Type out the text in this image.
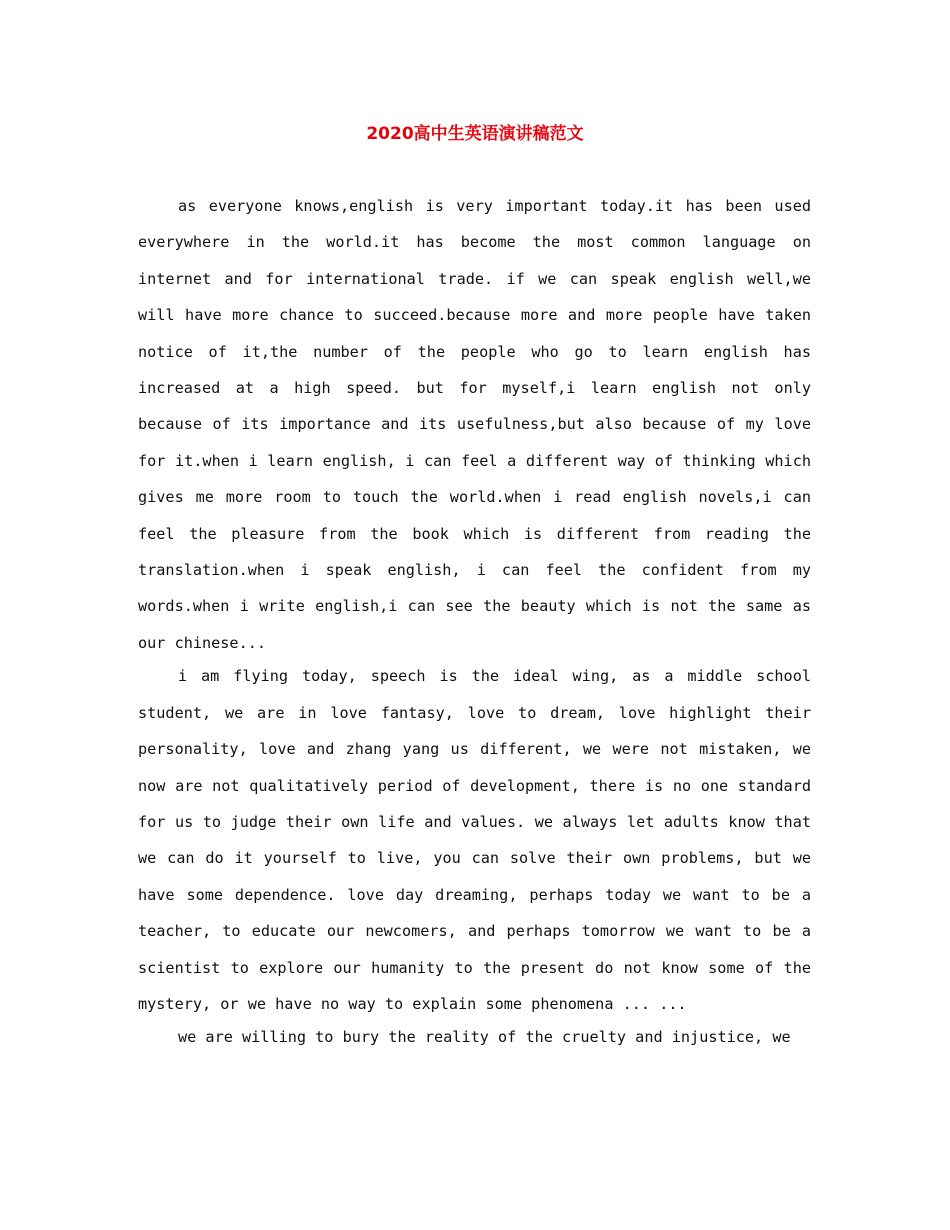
2020高中生英语演讲稿范文

as everyone knows,english is very important today.it has been used everywhere in the world.it has become the most common language on internet and for international trade. if we can speak english well,we will have more chance to succeed.because more and more people have taken notice of it,the number of the people who go to learn english has increased at a high speed. but for myself,i learn english not only because of its importance and its usefulness,but also because of my love for it.when i learn english, i can feel a different way of thinking which gives me more room to touch the world.when i read english novels,i can feel the pleasure from the book which is different from reading the translation.when i speak english, i can feel the confident from my words.when i write english,i can see the beauty which is not the same as our chinese...

i am flying today, speech is the ideal wing, as a middle school student, we are in love fantasy, love to dream, love highlight their personality, love and zhang yang us different, we were not mistaken, we now are not qualitatively period of development, there is no one standard for us to judge their own life and values. we always let adults know that we can do it yourself to live, you can solve their own problems, but we have some dependence. love day dreaming, perhaps today we want to be a teacher, to educate our newcomers, and perhaps tomorrow we want to be a scientist to explore our humanity to the present do not know some of the mystery, or we have no way to explain some phenomena ... ...

we are willing to bury the reality of the cruelty and injustice, we
